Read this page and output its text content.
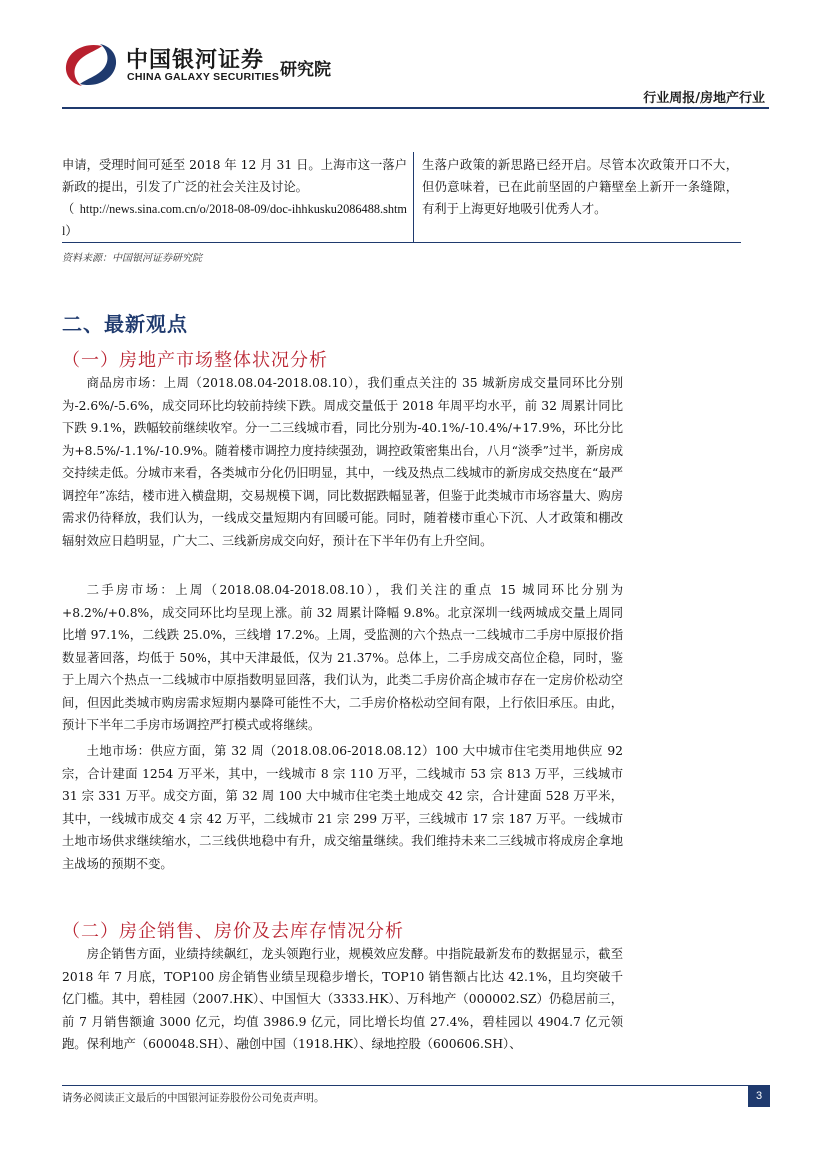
中国银河证券
CHINA GALAXY SECURITIES 研究院
行业周报/房地产行业
申请，受理时间可延至 2018 年 12 月 31 日。上海市这一落户新政的提出，引发了广泛的社会关注及讨论。
（http://news.sina.com.cn/o/2018-08-09/doc-ihhkusku2086488.shtml）
生落户政策的新思路已经开启。尽管本次政策开口不大，但仍意味着，已在此前坚固的户籍壁垒上新开一条缝隙，有利于上海更好地吸引优秀人才。
资料来源：中国银河证券研究院
二、最新观点
（一）房地产市场整体状况分析

商品房市场：上周（2018.08.04-2018.08.10），我们重点关注的 35 城新房成交量同环比分别为-2.6%/-5.6%，成交同环比均较前持续下跌。周成交量低于 2018 年周平均水平，前 32 周累计同比下跌 9.1%，跌幅较前继续收窄。分一二三线城市看，同比分别为-40.1%/-10.4%/+17.9%，环比分比为+8.5%/-1.1%/-10.9%。随着楼市调控力度持续强劲，调控政策密集出台，八月“淡季”过半，新房成交持续走低。分城市来看，各类城市分化仍旧明显，其中，一线及热点二线城市的新房成交热度在“最严调控年”冻结，楼市进入横盘期，交易规模下调，同比数据跌幅显著，但鉴于此类城市市场容量大、购房需求仍待释放，我们认为，一线成交量短期内有回暖可能。同时，随着楼市重心下沉、人才政策和棚改辐射效应日趋明显，广大二、三线新房成交向好，预计在下半年仍有上升空间。

二手房市场：上周（2018.08.04-2018.08.10），我们关注的重点 15 城同环比分别为+8.2%/+0.8%，成交同环比均呈现上涨。前 32 周累计降幅 9.8%。北京深圳一线两城成交量上周同比增 97.1%，二线跌 25.0%，三线增 17.2%。上周，受监测的六个热点一二线城市二手房中原报价指数显著回落，均低于 50%，其中天津最低，仅为 21.37%。总体上，二手房成交高位企稳，同时，鉴于上周六个热点一二线城市中原指数明显回落，我们认为，此类二手房价高企城市存在一定房价松动空间，但因此类城市购房需求短期内暴降可能性不大，二手房价格松动空间有限，上行依旧承压。由此，预计下半年二手房市场调控严打模式或将继续。

土地市场：供应方面，第 32 周（2018.08.06-2018.08.12）100 大中城市住宅类用地供应 92 宗，合计建面 1254 万平米，其中，一线城市 8 宗 110 万平，二线城市 53 宗 813 万平，三线城市 31 宗 331 万平。成交方面，第 32 周 100 大中城市住宅类土地成交 42 宗，合计建面 528 万平米，其中，一线城市成交 4 宗 42 万平，二线城市 21 宗 299 万平，三线城市 17 宗 187 万平。一线城市土地市场供求继续缩水，二三线供地稳中有升，成交缩量继续。我们维持未来二三线城市将成房企拿地主战场的预期不变。

（二）房企销售、房价及去库存情况分析

房企销售方面，业绩持续飙红，龙头领跑行业，规模效应发酵。中指院最新发布的数据显示，截至 2018 年 7 月底，TOP100 房企销售业绩呈现稳步增长，TOP10 销售额占比达 42.1%，且均突破千亿门槛。其中，碧桂园（2007.HK）、中国恒大（3333.HK）、万科地产（000002.SZ）仍稳居前三，前 7 月销售额逾 3000 亿元，均值 3986.9 亿元，同比增长均值 27.4%，碧桂园以 4904.7 亿元领跑。保利地产（600048.SH）、融创中国（1918.HK）、绿地控股（600606.SH）、

请务必阅读正文最后的中国银河证券股份公司免责声明。	3
